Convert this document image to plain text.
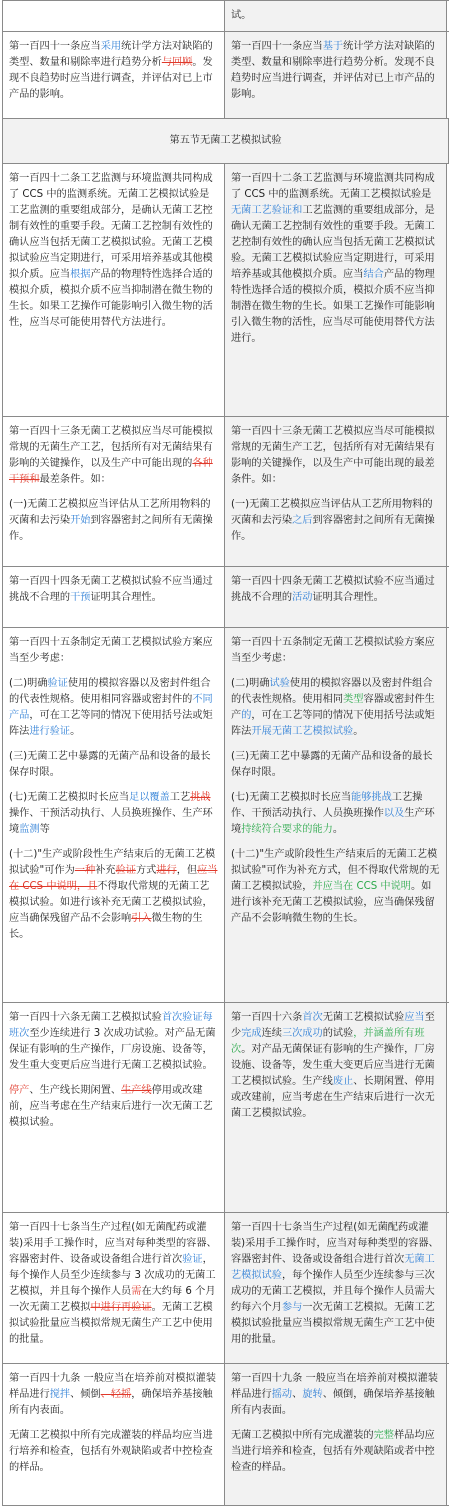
试。

第一百四十一条应当采用统计学方法对缺陷的类型、数量和剔除率进行趋势分析与回顾。发现不良趋势时应当进行调查，并评估对已上市产品的影响。

第一百四十一条应当基于统计学方法对缺陷的类型、数量和剔除率进行趋势分析。发现不良趋势时应当进行调查，并评估对已上市产品的影响。

第五节无菌工艺模拟试验

第一百四十二条工艺监测与环境监测共同构成了 CCS 中的监测系统。无菌工艺模拟试验是工艺监测的重要组成部分，是确认无菌工艺控制有效性的重要手段。无菌工艺控制有效性的确认应当包括无菌工艺模拟试验。无菌工艺模拟试验应当定期进行，可采用培养基或其他模拟介质。应当根据产品的物理特性选择合适的模拟介质，模拟介质不应当抑制潜在微生物的生长。如果工艺操作可能影响引入微生物的活性，应当尽可能使用替代方法进行。

第一百四十二条工艺监测与环境监测共同构成了 CCS 中的监测系统。无菌工艺模拟试验是无菌工艺验证和工艺监测的重要组成部分，是确认无菌工艺控制有效性的重要手段。无菌工艺控制有效性的确认应当包括无菌工艺模拟试验。无菌工艺模拟试验应当定期进行，可采用培养基或其他模拟介质。应当结合产品的物理特性选择合适的模拟介质，模拟介质不应当抑制潜在微生物的生长。如果工艺操作可能影响引入微生物的活性，应当尽可能使用替代方法进行。

第一百四十三条无菌工艺模拟应当尽可能模拟常规的无菌生产工艺，包括所有对无菌结果有影响的关键操作，以及生产中可能出现的各种干预和最差条件。如：

(一)无菌工艺模拟应当评估从工艺所用物料的灭菌和去污染开始到容器密封之间所有无菌操作。

第一百四十三条无菌工艺模拟应当尽可能模拟常规的无菌生产工艺，包括所有对无菌结果有影响的关键操作，以及生产中可能出现的最差条件。如：

(一)无菌工艺模拟应当评估从工艺所用物料的灭菌和去污染之后到容器密封之间所有无菌操作。

第一百四十四条无菌工艺模拟试验不应当通过挑战不合理的干预证明其合理性。

第一百四十四条无菌工艺模拟试验不应当通过挑战不合理的活动证明其合理性。

第一百四十五条制定无菌工艺模拟试验方案应当至少考虑：

(二)明确验证使用的模拟容器以及密封件组合的代表性规格。使用相同容器或密封件的不同产品，可在工艺等同的情况下使用括号法或矩阵法进行验证。

(三)无菌工艺中暴露的无菌产品和设备的最长保存时限。

(七)无菌工艺模拟时长应当足以覆盖工艺挑战操作、干预活动执行、人员换班操作、生产环境监测等

(十二)"生产或阶段性生产结束后的无菌工艺模拟试验"可作为一种补充验证方式进行，但应当在 CCS 中说明，且不得取代常规的无菌工艺模拟试验。如进行该补充无菌工艺模拟试验，应当确保残留产品不会影响引入微生物的生长。

第一百四十五条制定无菌工艺模拟试验方案应当至少考虑：

(二)明确试验使用的模拟容器以及密封件组合的代表性规格。使用相同类型容器或密封件生产的，可在工艺等同的情况下使用括号法或矩阵法开展无菌工艺模拟试验。

(三)无菌工艺中暴露的无菌产品和设备的最长保存时限。

(七)无菌工艺模拟时长应当能够挑战工艺操作、干预活动执行、人员换班操作以及生产环境持续符合要求的能力。

(十二)"生产或阶段性生产结束后的无菌工艺模拟试验"可作为补充方式，但不得取代常规的无菌工艺模拟试验，并应当在 CCS 中说明。如进行该补充无菌工艺模拟试验，应当确保残留产品不会影响微生物的生长。

第一百四十六条无菌工艺模拟试验首次验证每班次至少连续进行 3 次成功试验。对产品无菌保证有影响的生产操作，厂房设施、设备等，发生重大变更后应当进行无菌工艺模拟试验。

停产、生产线长期闲置、生产线停用或改建前，应当考虑在生产结束后进行一次无菌工艺模拟试验。

第一百四十六条首次无菌工艺模拟试验应当至少完成连续三次成功的试验，并涵盖所有班次。对产品无菌保证有影响的生产操作，厂房设施、设备等，发生重大变更后应当进行无菌工艺模拟试验。生产线废止、长期闲置、停用或改建前，应当考虑在生产结束后进行一次无菌工艺模拟试验。

第一百四十七条当生产过程(如无菌配药或灌装)采用手工操作时，应当对每种类型的容器、容器密封件、设备或设备组合进行首次验证，每个操作人员至少连续参与 3 次成功的无菌工艺模拟，并且每个操作人员需在大约每 6 个月一次无菌工艺模拟中进行再验证。无菌工艺模拟试验批量应当模拟常规无菌生产工艺中使用的批量。

第一百四十七条当生产过程(如无菌配药或灌装)采用手工操作时，应当对每种类型的容器、容器密封件、设备或设备组合进行首次无菌工艺模拟试验，每个操作人员至少连续参与三次成功的无菌工艺模拟，并且每个操作人员需大约每六个月参与一次无菌工艺模拟。无菌工艺模拟试验批量应当模拟常规无菌生产工艺中使用的批量。

第一百四十九条 一般应当在培养前对模拟灌装样品进行搅拌、倾倒、轻摇，确保培养基接触所有内表面。

无菌工艺模拟中所有完成灌装的样品均应当进行培养和检查，包括有外观缺陷或者中控检查的样品。

第一百四十九条 一般应当在培养前对模拟灌装样品进行摇动、旋转、倾倒，确保培养基接触所有内表面。

无菌工艺模拟中所有完成灌装的完整样品均应当进行培养和检查，包括有外观缺陷或者中控检查的样品。
